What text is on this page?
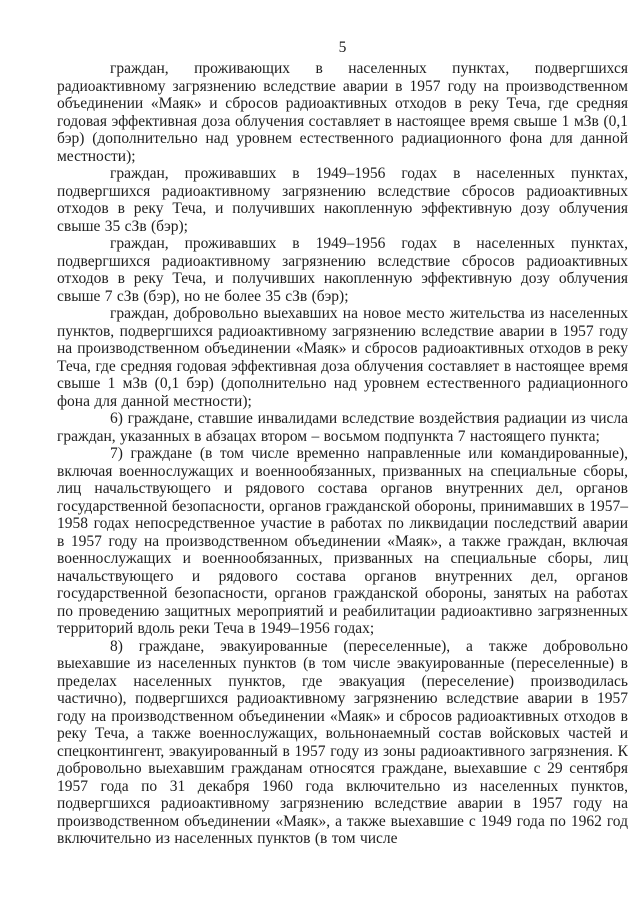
5

граждан, проживающих в населенных пунктах, подвергшихся радиоактивному загрязнению вследствие аварии в 1957 году на производственном объединении «Маяк» и сбросов радиоактивных отходов в реку Теча, где средняя годовая эффективная доза облучения составляет в настоящее время свыше 1 мЗв (0,1 бэр) (дополнительно над уровнем естественного радиационного фона для данной местности);

граждан, проживавших в 1949–1956 годах в населенных пунктах, подвергшихся радиоактивному загрязнению вследствие сбросов радиоактивных отходов в реку Теча, и получивших накопленную эффективную дозу облучения свыше 35 сЗв (бэр);

граждан, проживавших в 1949–1956 годах в населенных пунктах, подвергшихся радиоактивному загрязнению вследствие сбросов радиоактивных отходов в реку Теча, и получивших накопленную эффективную дозу облучения свыше 7 сЗв (бэр), но не более 35 сЗв (бэр);

граждан, добровольно выехавших на новое место жительства из населенных пунктов, подвергшихся радиоактивному загрязнению вследствие аварии в 1957 году на производственном объединении «Маяк» и сбросов радиоактивных отходов в реку Теча, где средняя годовая эффективная доза облучения составляет в настоящее время свыше 1 мЗв (0,1 бэр) (дополнительно над уровнем естественного радиационного фона для данной местности);

6) граждане, ставшие инвалидами вследствие воздействия радиации из числа граждан, указанных в абзацах втором – восьмом подпункта 7 настоящего пункта;

7) граждане (в том числе временно направленные или командированные), включая военнослужащих и военнообязанных, призванных на специальные сборы, лиц начальствующего и рядового состава органов внутренних дел, органов государственной безопасности, органов гражданской обороны, принимавших в 1957–1958 годах непосредственное участие в работах по ликвидации последствий аварии в 1957 году на производственном объединении «Маяк», а также граждан, включая военнослужащих и военнообязанных, призванных на специальные сборы, лиц начальствующего и рядового состава органов внутренних дел, органов государственной безопасности, органов гражданской обороны, занятых на работах по проведению защитных мероприятий и реабилитации радиоактивно загрязненных территорий вдоль реки Теча в 1949–1956 годах;

8) граждане, эвакуированные (переселенные), а также добровольно выехавшие из населенных пунктов (в том числе эвакуированные (переселенные) в пределах населенных пунктов, где эвакуация (переселение) производилась частично), подвергшихся радиоактивному загрязнению вследствие аварии в 1957 году на производственном объединении «Маяк» и сбросов радиоактивных отходов в реку Теча, а также военнослужащих, вольнонаемный состав войсковых частей и спецконтингент, эвакуированный в 1957 году из зоны радиоактивного загрязнения. К добровольно выехавшим гражданам относятся граждане, выехавшие с 29 сентября 1957 года по 31 декабря 1960 года включительно из населенных пунктов, подвергшихся радиоактивному загрязнению вследствие аварии в 1957 году на производственном объединении «Маяк», а также выехавшие с 1949 года по 1962 год включительно из населенных пунктов (в том числе
